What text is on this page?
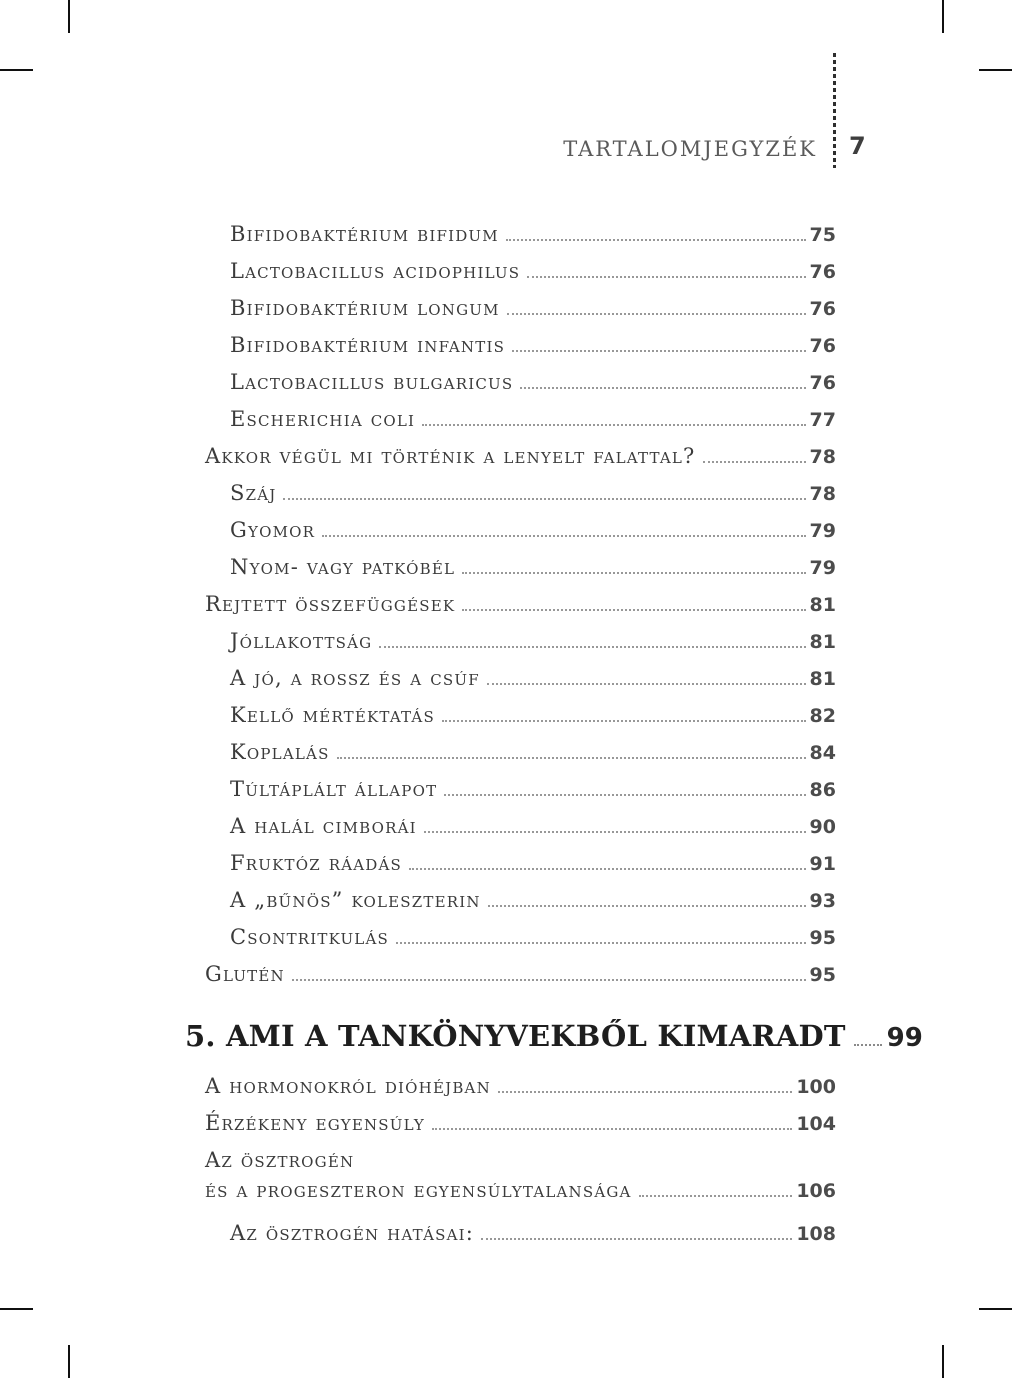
TARTALOMJEGYZÉK 7
Bifidobaktérium bifidum	75
Lactobacillus acidophilus	76
Bifidobaktérium longum	76
Bifidobaktérium infantis	76
Lactobacillus bulgaricus	76
Escherichia coli	77
Akkor végül mi történik a lenyelt falattal?	78
Száj	78
Gyomor	79
Nyom- vagy patkóbél	79
Rejtett összefüggések	81
Jóllakottság	81
A jó, a rossz és a csúf	81
Kellő mértéktatás	82
Koplalás	84
Túltáplált állapot	86
A halál cimborái	90
Fruktóz ráadás	91
A „bűnös” koleszterin	93
Csontritkulás	95
Glutén	95
5. AMI A TANKÖNYVEKBŐL KIMARADT 99
A hormonokról dióhéjban	100
Érzékeny egyensúly	104
Az ösztrogén
és a progeszteron egyensúlytalansága	106
Az ösztrogén hatásai:	108
